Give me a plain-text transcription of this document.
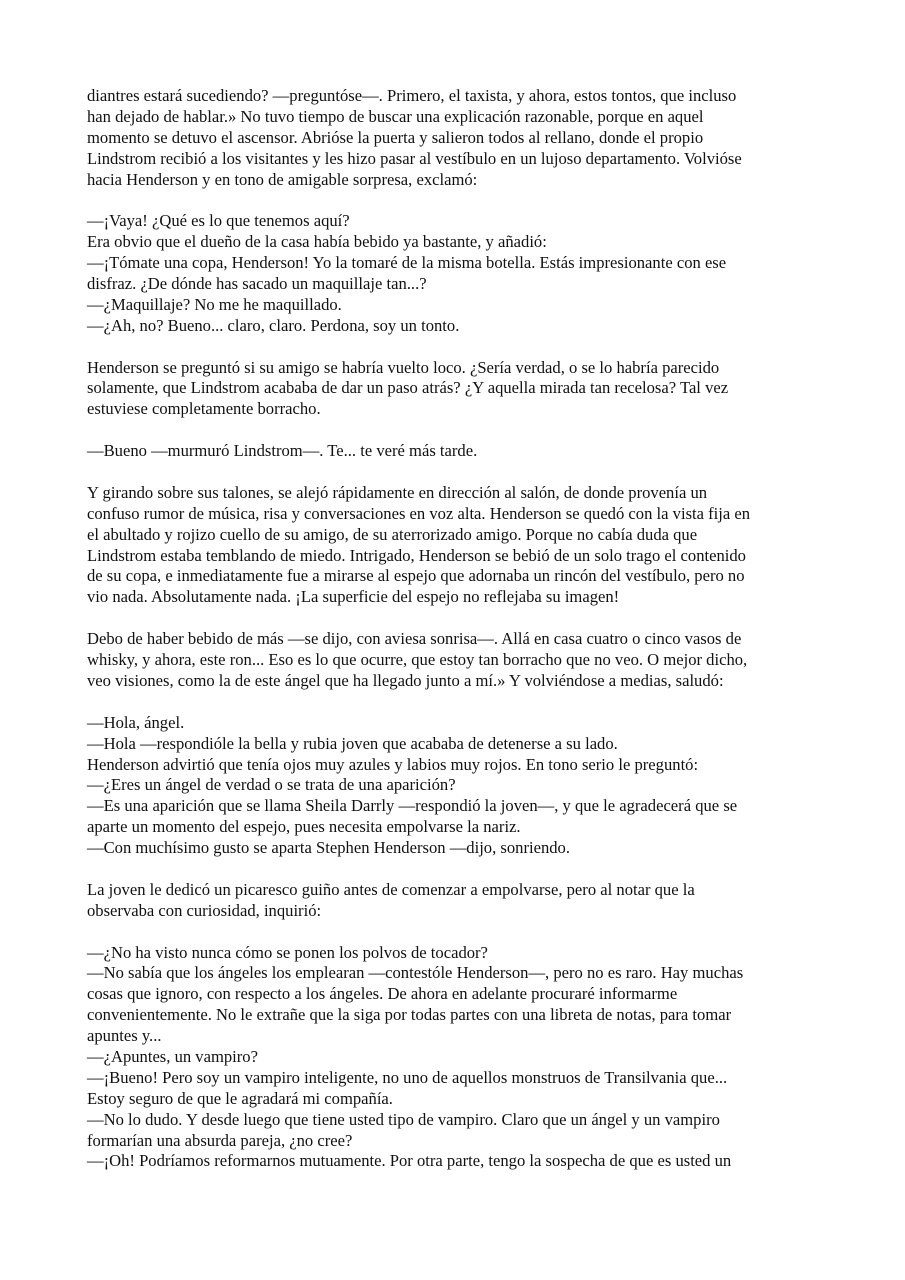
diantres estará sucediendo? —preguntóse—. Primero, el taxista, y ahora, estos tontos, que incluso
han dejado de hablar.» No tuvo tiempo de buscar una explicación razonable, porque en aquel
momento se detuvo el ascensor. Abrióse la puerta y salieron todos al rellano, donde el propio
Lindstrom recibió a los visitantes y les hizo pasar al vestíbulo en un lujoso departamento. Volvióse
hacia Henderson y en tono de amigable sorpresa, exclamó:
—¡Vaya! ¿Qué es lo que tenemos aquí?
Era obvio que el dueño de la casa había bebido ya bastante, y añadió:
—¡Tómate una copa, Henderson! Yo la tomaré de la misma botella. Estás impresionante con ese
disfraz. ¿De dónde has sacado un maquillaje tan...?
—¿Maquillaje? No me he maquillado.
—¿Ah, no? Bueno... claro, claro. Perdona, soy un tonto.
Henderson se preguntó si su amigo se habría vuelto loco. ¿Sería verdad, o se lo habría parecido
solamente, que Lindstrom acababa de dar un paso atrás? ¿Y aquella mirada tan recelosa? Tal vez
estuviese completamente borracho.
—Bueno —murmuró Lindstrom—. Te... te veré más tarde.
Y girando sobre sus talones, se alejó rápidamente en dirección al salón, de donde provenía un
confuso rumor de música, risa y conversaciones en voz alta. Henderson se quedó con la vista fija en
el abultado y rojizo cuello de su amigo, de su aterrorizado amigo. Porque no cabía duda que
Lindstrom estaba temblando de miedo. Intrigado, Henderson se bebió de un solo trago el contenido
de su copa, e inmediatamente fue a mirarse al espejo que adornaba un rincón del vestíbulo, pero no
vio nada. Absolutamente nada. ¡La superficie del espejo no reflejaba su imagen!
Debo de haber bebido de más —se dijo, con aviesa sonrisa—. Allá en casa cuatro o cinco vasos de
whisky, y ahora, este ron... Eso es lo que ocurre, que estoy tan borracho que no veo. O mejor dicho,
veo visiones, como la de este ángel que ha llegado junto a mí.» Y volviéndose a medias, saludó:
—Hola, ángel.
—Hola —respondióle la bella y rubia joven que acababa de detenerse a su lado.
Henderson advirtió que tenía ojos muy azules y labios muy rojos. En tono serio le preguntó:
—¿Eres un ángel de verdad o se trata de una aparición?
—Es una aparición que se llama Sheila Darrly —respondió la joven—, y que le agradecerá que se
aparte un momento del espejo, pues necesita empolvarse la nariz.
—Con muchísimo gusto se aparta Stephen Henderson —dijo, sonriendo.
La joven le dedicó un picaresco guiño antes de comenzar a empolvarse, pero al notar que la
observaba con curiosidad, inquirió:
—¿No ha visto nunca cómo se ponen los polvos de tocador?
—No sabía que los ángeles los emplearan —contestóle Henderson—, pero no es raro. Hay muchas
cosas que ignoro, con respecto a los ángeles. De ahora en adelante procuraré informarme
convenientemente. No le extrañe que la siga por todas partes con una libreta de notas, para tomar
apuntes y...
—¿Apuntes, un vampiro?
—¡Bueno! Pero soy un vampiro inteligente, no uno de aquellos monstruos de Transilvania que...
Estoy seguro de que le agradará mi compañía.
—No lo dudo. Y desde luego que tiene usted tipo de vampiro. Claro que un ángel y un vampiro
formarían una absurda pareja, ¿no cree?
—¡Oh! Podríamos reformarnos mutuamente. Por otra parte, tengo la sospecha de que es usted un
